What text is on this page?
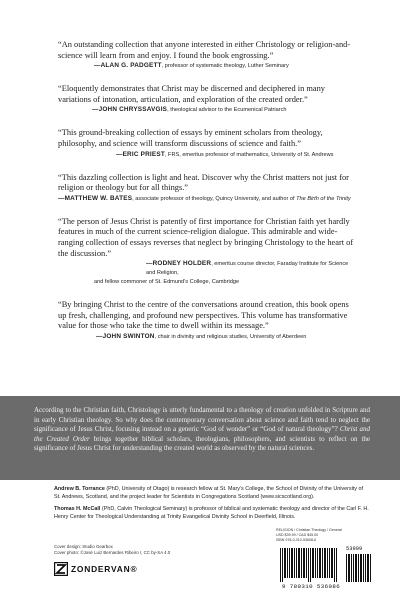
“An outstanding collection that anyone interested in either Christology or religion-and-science will learn from and enjoy. I found the book engrossing.”

—ALAN G. PADGETT, professor of systematic theology, Luther Seminary

“Eloquently demonstrates that Christ may be discerned and deciphered in many variations of intonation, articulation, and exploration of the created order.”

—JOHN CHRYSSAVGIS, theological advisor to the Ecumenical Patriarch

“This ground-breaking collection of essays by eminent scholars from theology, philosophy, and science will transform discussions of science and faith.”

—ERIC PRIEST, FRS, emeritus professor of mathematics, University of St. Andrews

“This dazzling collection is light and heat. Discover why the Christ matters not just for religion or theology but for all things.”

—MATTHEW W. BATES, associate professor of theology, Quincy University, and author of The Birth of the Trinity

“The person of Jesus Christ is patently of first importance for Christian faith yet hardly features in much of the current science-religion dialogue. This admirable and wide-ranging collection of essays reverses that neglect by bringing Christology to the heart of the discussion.”

—RODNEY HOLDER, emeritus course director, Faraday Institute for Science and Religion,

and fellow commoner of St. Edmund’s College, Cambridge

“By bringing Christ to the centre of the conversations around creation, this book opens up fresh, challenging, and profound new perspectives. This volume has transformative value for those who take the time to dwell within its message.”

—JOHN SWINTON, chair in divinity and religious studies, University of Aberdeen

According to the Christian faith, Christology is utterly fundamental to a theology of creation unfolded in Scripture and in early Christian theology. So why does the contemporary conversation about science and faith tend to neglect the significance of Jesus Christ, focusing instead on a generic “God of wonder” or “God of natural theology”? Christ and the Created Order brings together biblical scholars, theologians, philosophers, and scientists to reflect on the significance of Jesus Christ for understanding the created world as observed by the natural sciences.

Andrew B. Torrance (PhD, University of Otago) is research fellow at St. Mary’s College, the School of Divinity of the University of St. Andrews, Scotland, and the project leader for Scientists in Congregations Scotland (www.sicscotland.org).

Thomas H. McCall (PhD, Calvin Theological Seminary) is professor of biblical and systematic theology and director of the Carl F. H. Henry Center for Theological Understanding at Trinity Evangelical Divinity School in Deerfield, Illinois.

Cover design: Studio Gearbox

Cover photo: ©José Luiz Bernardes Ribeiro I, CC by-SA 4.0

ZONDERVAN®

RELIGION / Christian Theology / General

USD $39.99 / CAD $45.00

ISBN 978-0-310-53608-6

9 780310 536086
53999
